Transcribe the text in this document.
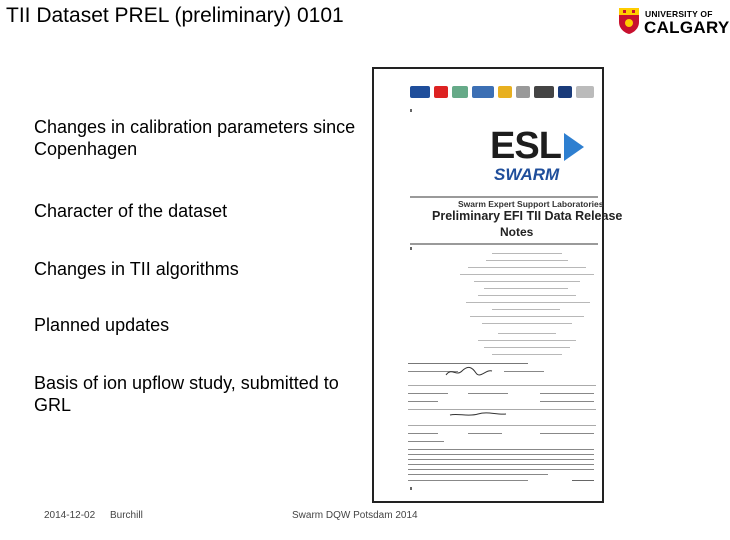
TII Dataset PREL (preliminary) 0101	UNIVERSITY OF
CALGARY
Changes in calibration parameters since Copenhagen
Character of the dataset
Changes in TII algorithms
Planned updates
Basis of ion upflow study, submitted to GRL
ESL
SWARM
Swarm Expert Support Laboratories
Preliminary EFI TII Data Release
Notes
2014-12-02 Burchill	Swarm DQW Potsdam 2014
